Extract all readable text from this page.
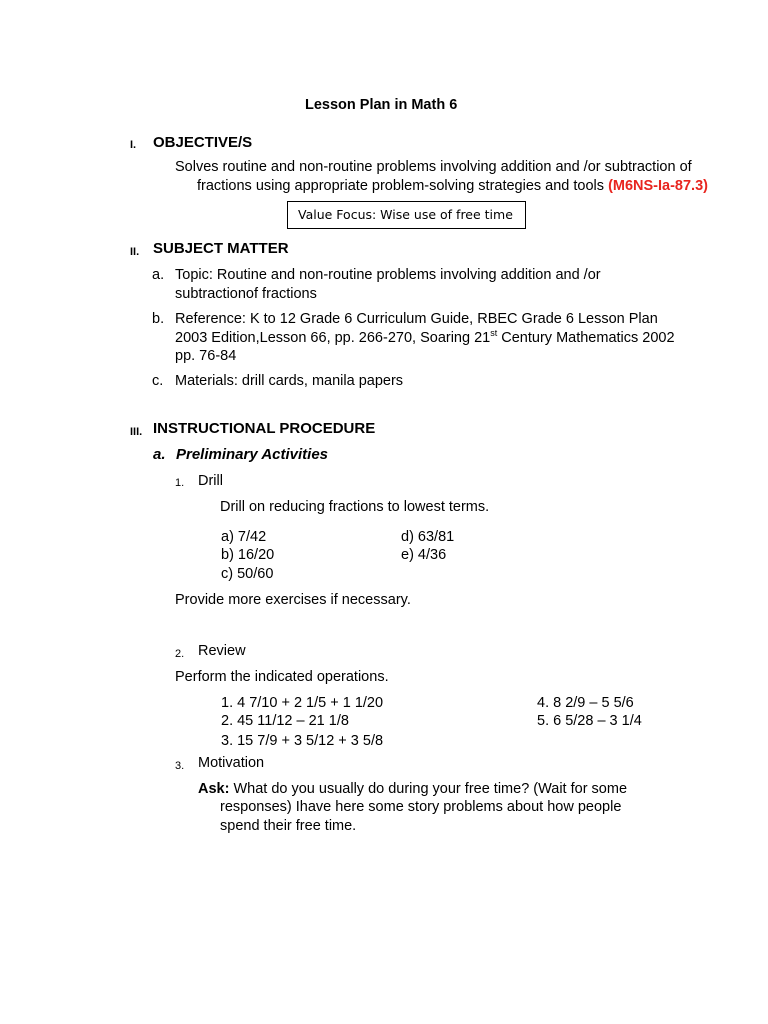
Lesson Plan in Math 6
I. OBJECTIVE/S
Solves routine and non-routine problems involving addition and /or subtraction of
fractions using appropriate problem-solving strategies and tools (M6NS-Ia-87.3)
Value Focus: Wise use of free time
II. SUBJECT MATTER
a. Topic: Routine and non-routine problems involving addition and /or
subtractionof fractions
b. Reference: K to 12 Grade 6 Curriculum Guide, RBEC Grade 6 Lesson Plan
2003 Edition,Lesson 66, pp. 266-270, Soaring 21st Century Mathematics 2002
pp. 76-84
c. Materials: drill cards, manila papers
III. INSTRUCTIONAL PROCEDURE
a. Preliminary Activities
1. Drill
Drill on reducing fractions to lowest terms.
a) 7/42
b) 16/20
c) 50/60
d) 63/81
e) 4/36
Provide more exercises if necessary.
2. Review
Perform the indicated operations.
1. 4 7/10 + 2 1/5 + 1 1/20
2. 45 11/12 – 21 1/8
3. 15 7/9 + 3 5/12 + 3 5/8
4. 8 2/9 – 5 5/6
5. 6 5/28 – 3 1/4
3. Motivation
Ask: What do you usually do during your free time? (Wait for some
responses) Ihave here some story problems about how people
spend their free time.
